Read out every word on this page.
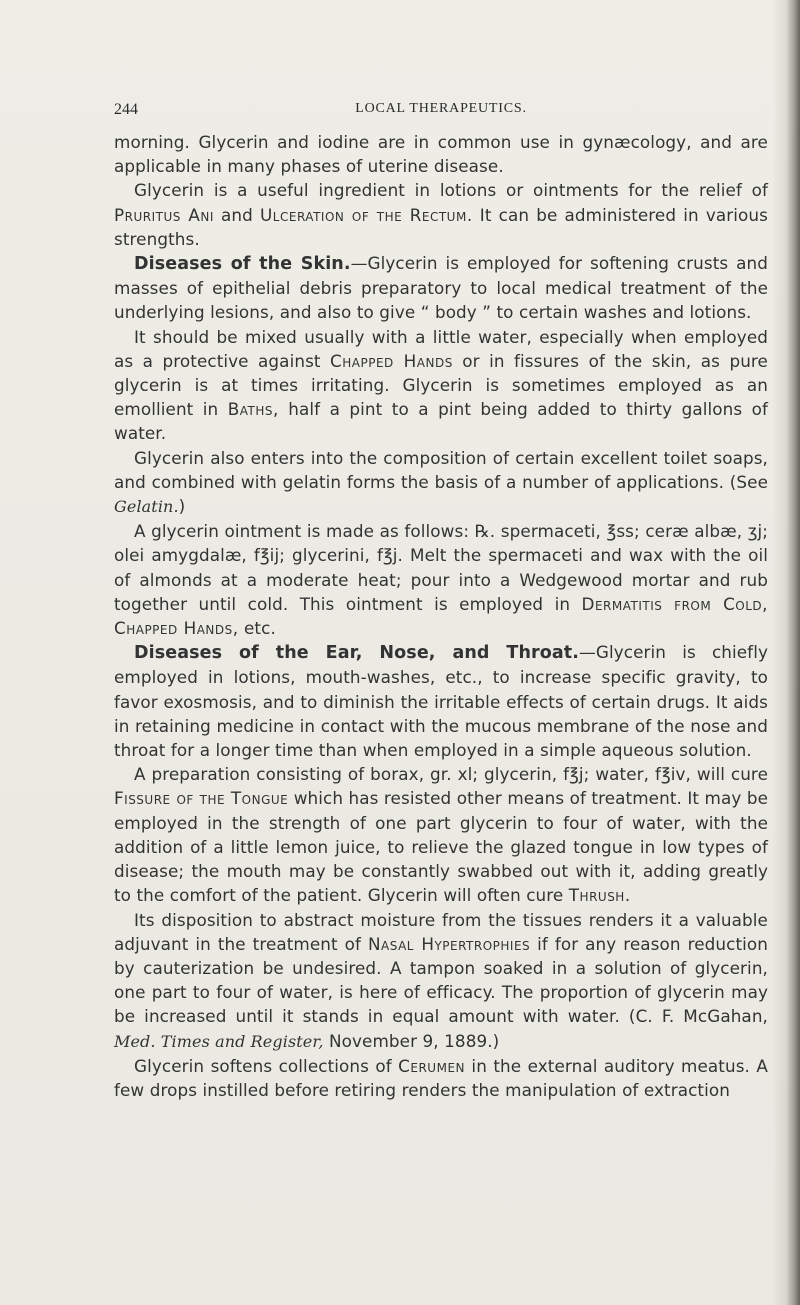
244	LOCAL THERAPEUTICS.

morning. Glycerin and iodine are in common use in gynæcology, and are applicable in many phases of uterine disease.

Glycerin is a useful ingredient in lotions or ointments for the relief of Pruritus Ani and Ulceration of the Rectum. It can be administered in various strengths.

Diseases of the Skin.—Glycerin is employed for softening crusts and masses of epithelial debris preparatory to local medical treatment of the underlying lesions, and also to give “ body ” to certain washes and lotions.

It should be mixed usually with a little water, especially when employed as a protective against Chapped Hands or in fissures of the skin, as pure glycerin is at times irritating. Glycerin is sometimes employed as an emollient in Baths, half a pint to a pint being added to thirty gallons of water.

Glycerin also enters into the composition of certain excellent toilet soaps, and combined with gelatin forms the basis of a number of applications. (See Gelatin.)

A glycerin ointment is made as follows: ℞. spermaceti, ℥ss; ceræ albæ, ʒj; olei amygdalæ, f℥ij; glycerini, f℥j. Melt the spermaceti and wax with the oil of almonds at a moderate heat; pour into a Wedgewood mortar and rub together until cold. This ointment is employed in Dermatitis from Cold, Chapped Hands, etc.

Diseases of the Ear, Nose, and Throat.—Glycerin is chiefly employed in lotions, mouth-washes, etc., to increase specific gravity, to favor exosmosis, and to diminish the irritable effects of certain drugs. It aids in retaining medicine in contact with the mucous membrane of the nose and throat for a longer time than when employed in a simple aqueous solution.

A preparation consisting of borax, gr. xl; glycerin, f℥j; water, f℥iv, will cure Fissure of the Tongue which has resisted other means of treatment. It may be employed in the strength of one part glycerin to four of water, with the addition of a little lemon juice, to relieve the glazed tongue in low types of disease; the mouth may be constantly swabbed out with it, adding greatly to the comfort of the patient. Glycerin will often cure Thrush.

Its disposition to abstract moisture from the tissues renders it a valuable adjuvant in the treatment of Nasal Hypertrophies if for any reason reduction by cauterization be undesired. A tampon soaked in a solution of glycerin, one part to four of water, is here of efficacy. The proportion of glycerin may be increased until it stands in equal amount with water. (C. F. McGahan, Med. Times and Register, November 9, 1889.)

Glycerin softens collections of Cerumen in the external auditory meatus. A few drops instilled before retiring renders the manipulation of extraction
